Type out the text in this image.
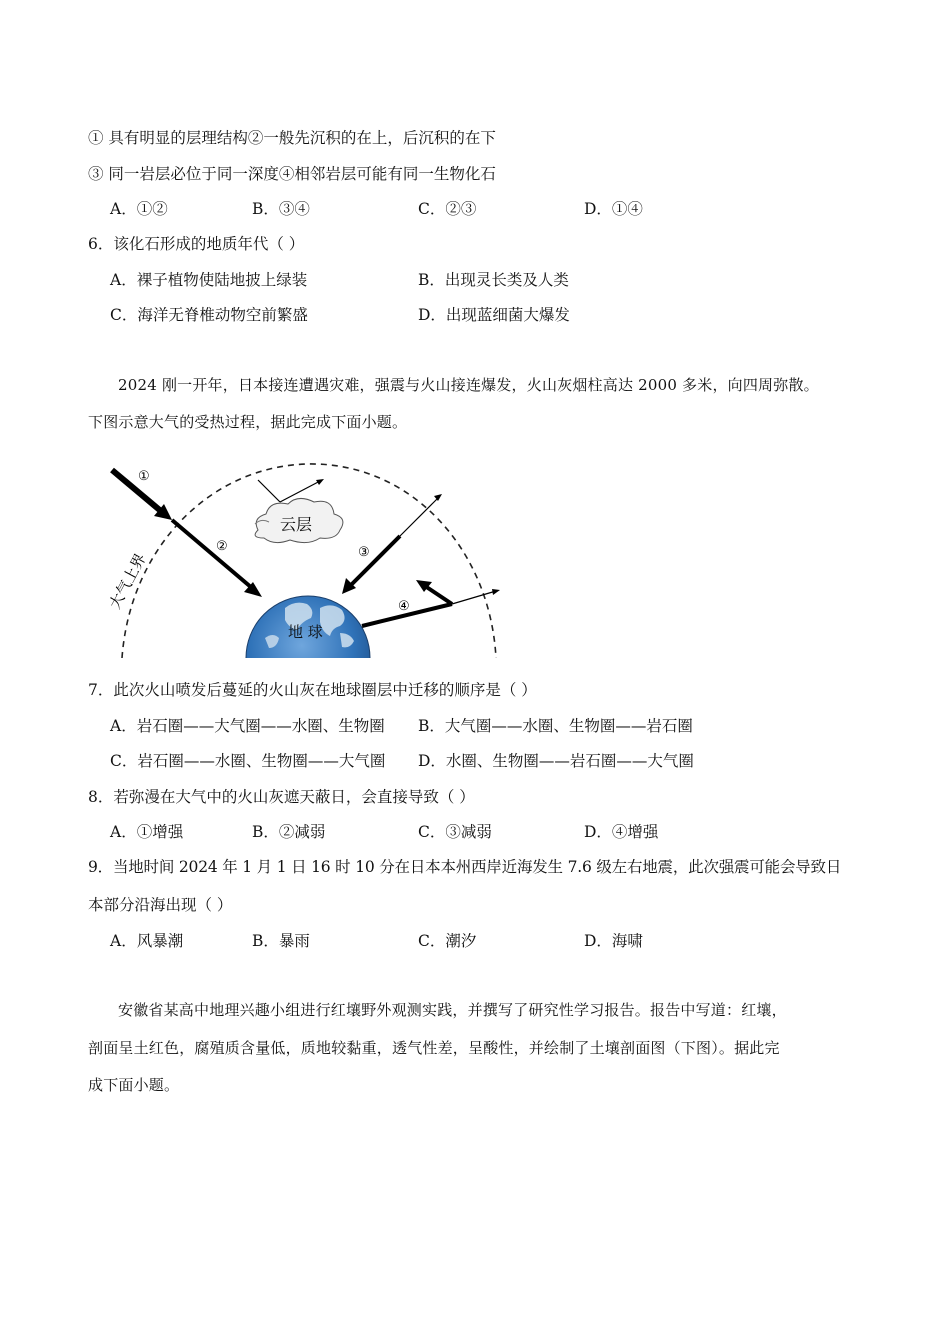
① 具有明显的层理结构②一般先沉积的在上，后沉积的在下
③ 同一岩层必位于同一深度④相邻岩层可能有同一生物化石
A．①②	B．③④	C．②③	D．①④
6．该化石形成的地质年代（ ）
A．裸子植物使陆地披上绿装	B．出现灵长类及人类
C．海洋无脊椎动物空前繁盛	D．出现蓝细菌大爆发
2024 刚一开年，日本接连遭遇灾难，强震与火山接连爆发，火山灰烟柱高达 2000 多米，向四周弥散。
下图示意大气的受热过程，据此完成下面小题。
①
②	③
④
云层
地 球
大气上界
7．此次火山喷发后蔓延的火山灰在地球圈层中迁移的顺序是（ ）
A．岩石圈——大气圈——水圈、生物圈 B．大气圈——水圈、生物圈——岩石圈
C．岩石圈——水圈、生物圈——大气圈 D．水圈、生物圈——岩石圈——大气圈
8．若弥漫在大气中的火山灰遮天蔽日，会直接导致（ ）
A．①增强	B．②减弱	C．③减弱	D．④增强
9．当地时间 2024 年 1 月 1 日 16 时 10 分在日本本州西岸近海发生 7.6 级左右地震，此次强震可能会导致日
本部分沿海出现（ ）
A．风暴潮	B．暴雨	C．潮汐	D．海啸
安徽省某高中地理兴趣小组进行红壤野外观测实践，并撰写了研究性学习报告。报告中写道：红壤，
剖面呈土红色，腐殖质含量低，质地较黏重，透气性差，呈酸性，并绘制了土壤剖面图（下图）。据此完
成下面小题。
